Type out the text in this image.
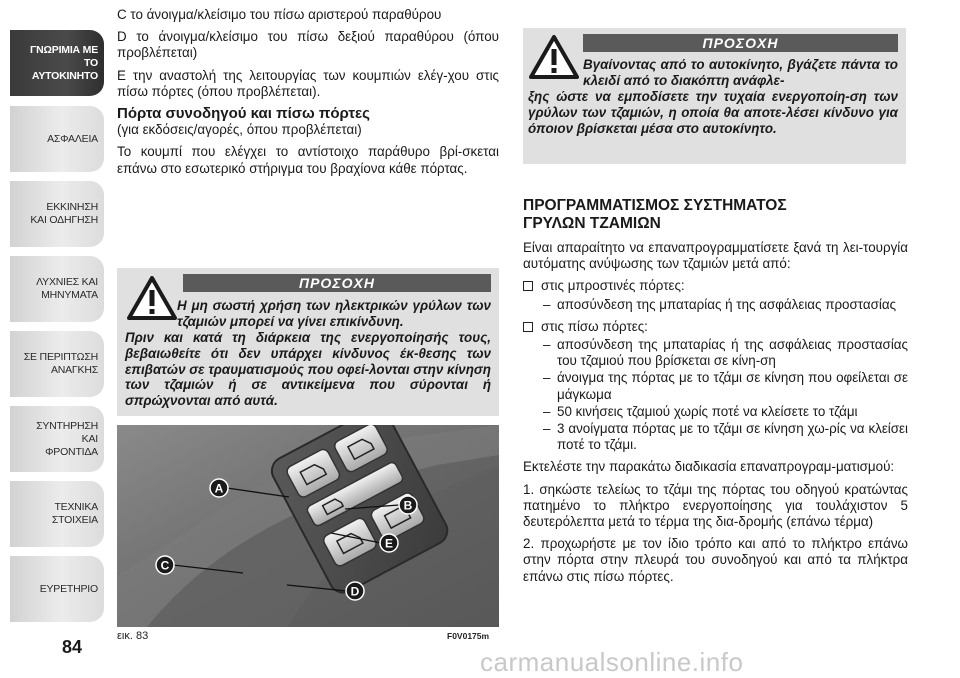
ΓΝΩΡΙΜΙΑ ΜΕ
ΤΟ ΑΥΤΟΚΙΝΗΤΟ
ΑΣΦΑΛΕΙΑ
ΕΚΚΙΝΗΣΗ
ΚΑΙ ΟΔΗΓΗΣΗ
ΛΥΧΝΙΕΣ ΚΑΙ
ΜΗΝΥΜΑΤΑ
ΣΕ ΠΕΡΙΠΤΩΣΗ
ΑΝΑΓΚΗΣ
ΣΥΝΤΗΡΗΣΗ ΚΑΙ
ΦΡΟΝΤΙΔΑ
ΤΕΧΝΙΚΑ
ΣΤΟΙΧΕΙΑ
ΕΥΡΕΤΗΡΙΟ
84

C το άνοιγμα/κλείσιμο του πίσω αριστερού παραθύρου

D το άνοιγμα/κλείσιμο του πίσω δεξιού παραθύρου (όπου προβλέπεται)

E την αναστολή της λειτουργίας των κουμπιών ελέγ-χου στις πίσω πόρτες (όπου προβλέπεται).

Πόρτα συνοδηγού και πίσω πόρτες
(για εκδόσεις/αγορές, όπου προβλέπεται)

Το κουμπί που ελέγχει το αντίστοιχο παράθυρο βρί-σκεται επάνω στο εσωτερικό στήριγμα του βραχίονα κάθε πόρτας.

ΠΡΟΣΟΧΗ
Η μη σωστή χρήση των ηλεκτρικών γρύλων των τζαμιών μπορεί να γίνει επικίνδυνη.
Πριν και κατά τη διάρκεια της ενεργοποίησής τους, βεβαιωθείτε ότι δεν υπάρχει κίνδυνος έκ-θεσης των επιβατών σε τραυματισμούς που οφεί-λονται στην κίνηση των τζαμιών ή σε αντικείμενα που σύρονται ή σπρώχνονται από αυτά.
A
B
C
D
E
εικ. 83	F0V0175m
ΠΡΟΣΟΧΗ
Βγαίνοντας από το αυτοκίνητο, βγάζετε πάντα το κλειδί από το διακόπτη ανάφλε-
ξης ώστε να εμποδίσετε την τυχαία ενεργοποίη-ση των γρύλων των τζαμιών, η οποία θα αποτε-λέσει κίνδυνο για όποιον βρίσκεται μέσα στο αυτοκίνητο.
ΠΡΟΓΡΑΜΜΑΤΙΣΜΟΣ ΣΥΣΤΗΜΑΤΟΣ
ΓΡΥΛΩΝ ΤΖΑΜΙΩΝ

Είναι απαραίτητο να επαναπρογραμματίσετε ξανά τη λει-τουργία αυτόματης ανύψωσης των τζαμιών μετά από:

στις μπροστινές πόρτες:
– αποσύνδεση της μπαταρίας ή της ασφάλειας προστασίας
στις πίσω πόρτες:
– αποσύνδεση της μπαταρίας ή της ασφάλειας προστασίας του τζαμιού που βρίσκεται σε κίνη-ση
– άνοιγμα της πόρτας με το τζάμι σε κίνηση που οφείλεται σε μάγκωμα
– 50 κινήσεις τζαμιού χωρίς ποτέ να κλείσετε το τζάμι
– 3 ανοίγματα πόρτας με το τζάμι σε κίνηση χω-ρίς να κλείσει ποτέ το τζάμι.

Εκτελέστε την παρακάτω διαδικασία επαναπρογραμ-ματισμού:

1. σηκώστε τελείως το τζάμι της πόρτας του οδηγού κρατώντας πατημένο το πλήκτρο ενεργοποίησης για τουλάχιστον 5 δευτερόλεπτα μετά το τέρμα της δια-δρομής (επάνω τέρμα)

2. προχωρήστε με τον ίδιο τρόπο και από το πλήκτρο επάνω στην πόρτα στην πλευρά του συνοδηγού και από τα πλήκτρα επάνω στις πίσω πόρτες.

carmanualsonline.info
